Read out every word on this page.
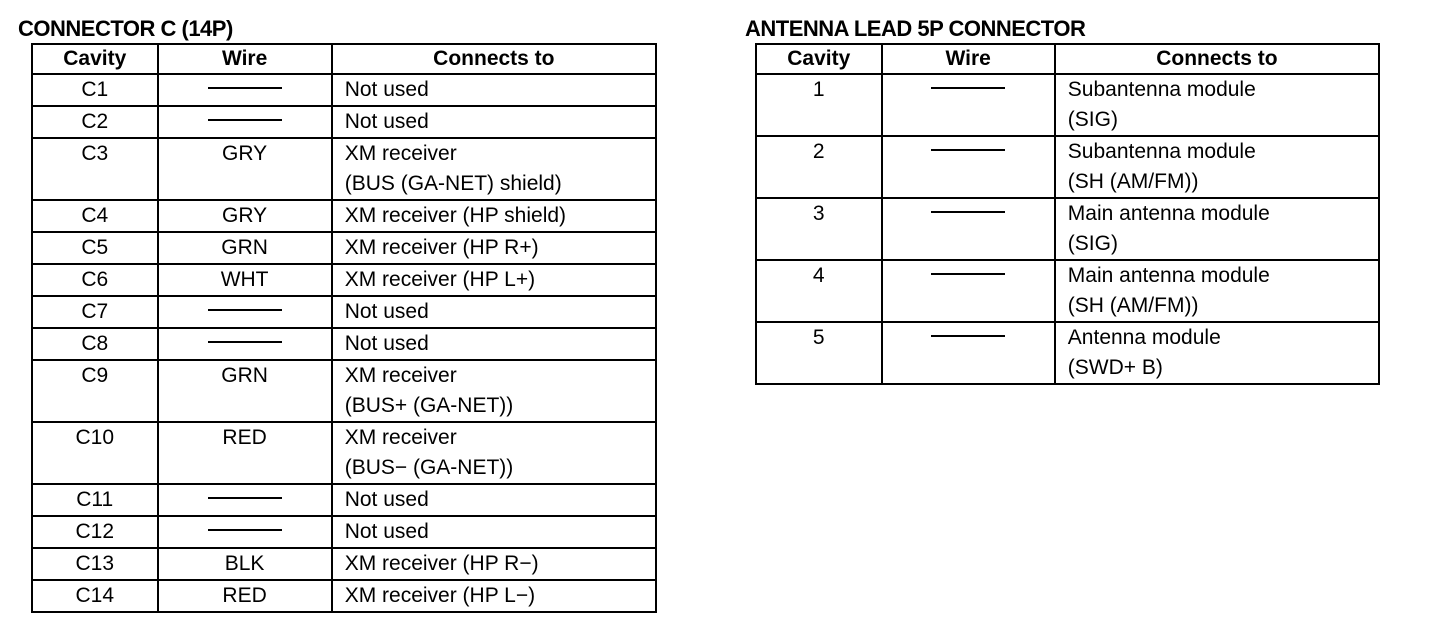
CONNECTOR C (14P)
Cavity	Wire	Connects to
C1		Not used

C2		Not used

C3	GRY	XM receiver
(BUS (GA-NET) shield)

C4	GRY	XM receiver (HP shield)

C5	GRN	XM receiver (HP R+)

C6	WHT	XM receiver (HP L+)

C7		Not used

C8		Not used

C9	GRN	XM receiver
(BUS+ (GA-NET))

C10	RED	XM receiver
(BUS− (GA-NET))

C11		Not used

C12		Not used

C13	BLK	XM receiver (HP R−)

C14	RED	XM receiver (HP L−)
ANTENNA LEAD 5P CONNECTOR
Cavity	Wire	Connects to
1		Subantenna module
(SIG)

2		Subantenna module
(SH (AM/FM))

3		Main antenna module
(SIG)

4		Main antenna module
(SH (AM/FM))

5		Antenna module
(SWD+ B)
